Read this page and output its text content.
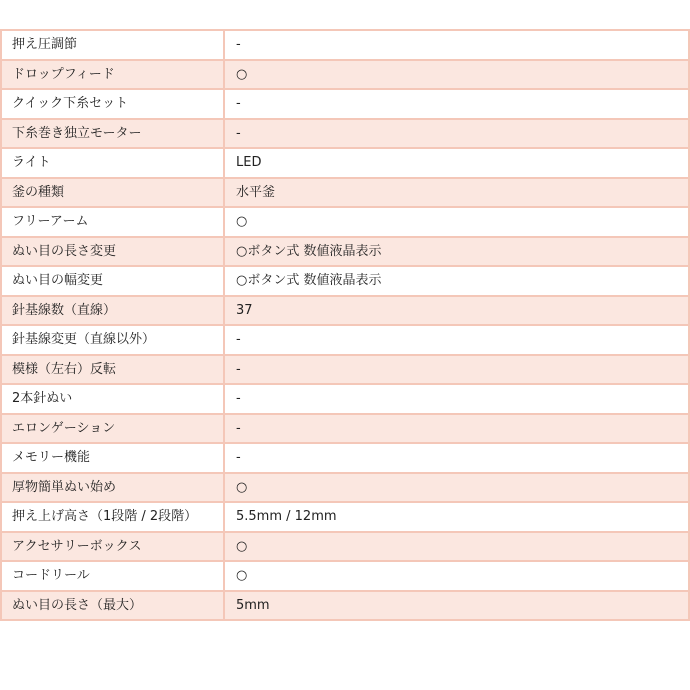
押え圧調節	-
ドロップフィード	○
クイック下糸セット	-
下糸巻き独立モーター	-
ライト	LED
釜の種類	水平釜
フリーアーム	○
ぬい目の長さ変更	○ボタン式 数値液晶表示
ぬい目の幅変更	○ボタン式 数値液晶表示
針基線数（直線）	37
針基線変更（直線以外）	-
模様（左右）反転	-
2本針ぬい	-
エロンゲーション	-
メモリー機能	-
厚物簡単ぬい始め	○
押え上げ高さ（1段階 / 2段階）	5.5mm / 12mm
アクセサリーボックス	○
コードリール	○
ぬい目の長さ（最大）	5mm
